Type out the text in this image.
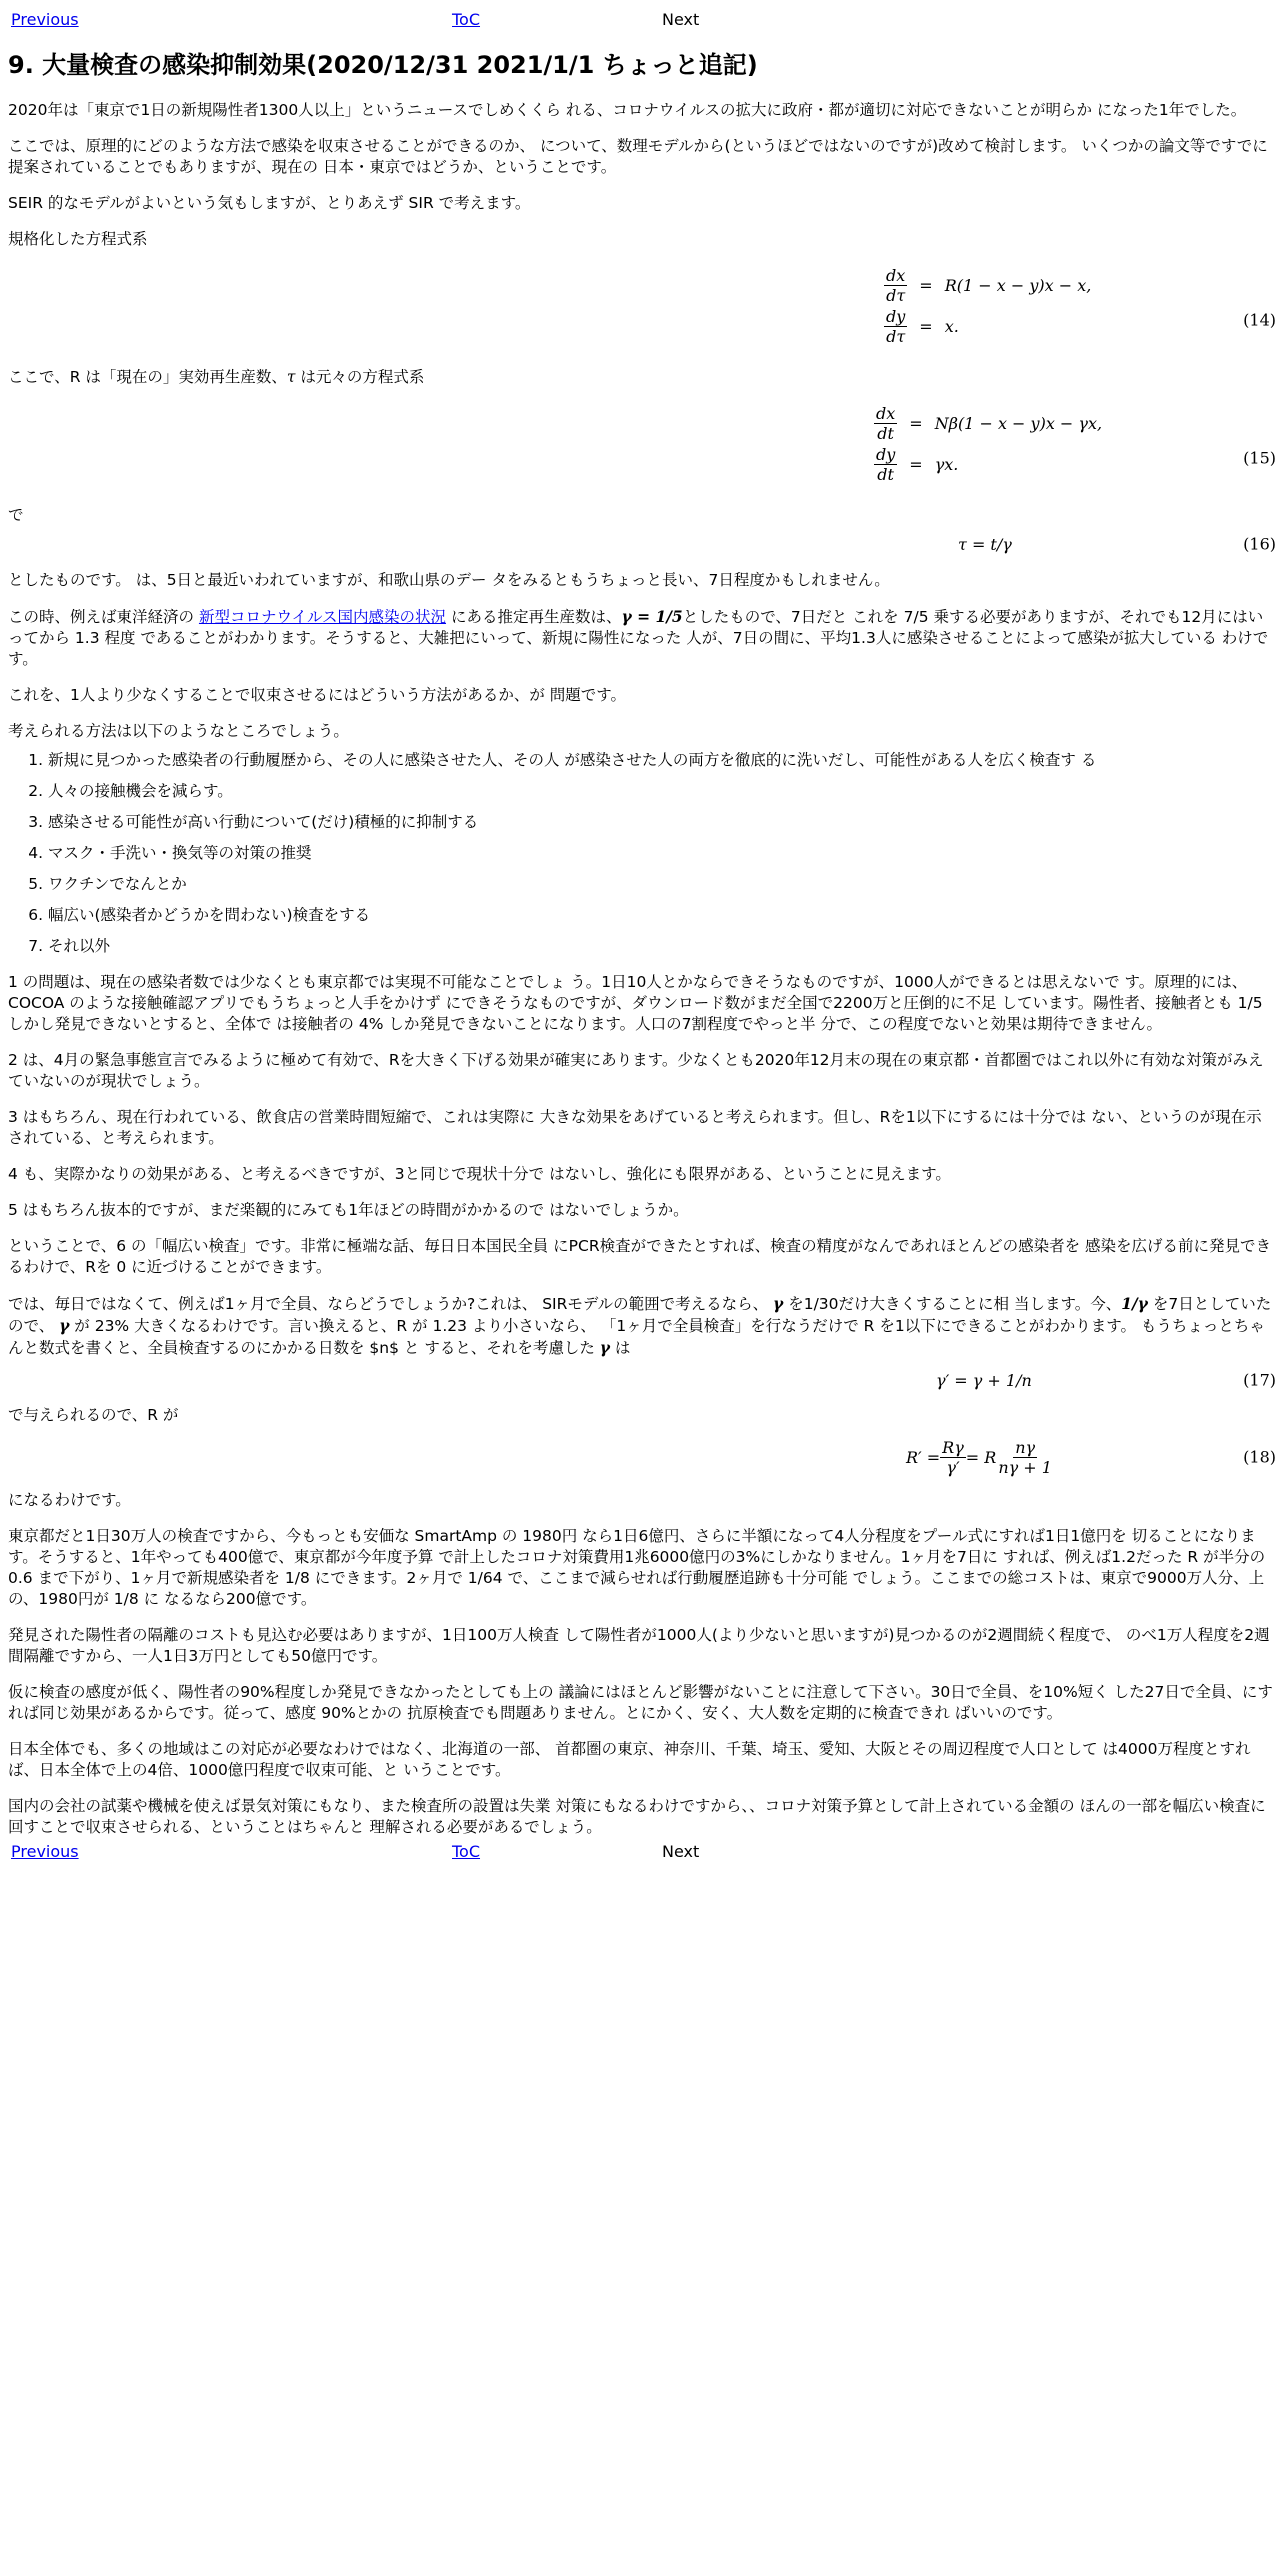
Previous	ToC	Next
9. 大量検査の感染抑制効果(2020/12/31 2021/1/1 ちょっと追記)

2020年は「東京で1日の新規陽性者1300人以上」というニュースでしめくくら れる、コロナウイルスの拡大に政府・都が適切に対応できないことが明らか になった1年でした。

ここでは、原理的にどのような方法で感染を収束させることができるのか、 について、数理モデルから(というほどではないのですが)改めて検討します。 いくつかの論文等ですでに提案されていることでもありますが、現在の 日本・東京ではどうか、ということです。

SEIR 的なモデルがよいという気もしますが、とりあえず SIR で考えます。

規格化した方程式系

$\frac{dx}{d\tau}$	=	R(1 − x − y)x − x,

$\frac{dy}{d\tau}$	=	x.	(14)

ここで、R は「現在の」実効再生産数、τ は元々の方程式系

$\frac{dx}{dt}$	=	Nβ(1 − x − y)x − γx,

$\frac{dy}{dt}$	=	γx.	(15)

で

τ = t/γ	(16)

としたものです。 は、5日と最近いわれていますが、和歌山県のデー タをみるともうちょっと長い、7日程度かもしれません。

この時、例えば東洋経済の 新型コロナウイルス国内感染の状況 にある推定再生産数は、γ = 1/5としたもので、7日だと これを 7/5 乗する必要がありますが、それでも12月にはいってから 1.3 程度 であることがわかります。そうすると、大雑把にいって、新規に陽性になった 人が、7日の間に、平均1.3人に感染させることによって感染が拡大している わけです。

これを、1人より少なくすることで収束させるにはどういう方法があるか、が 問題です。

考えられる方法は以下のようなところでしょう。

1. 新規に見つかった感染者の行動履歴から、その人に感染させた人、その人 が感染させた人の両方を徹底的に洗いだし、可能性がある人を広く検査す る
2. 人々の接触機会を減らす。
3. 感染させる可能性が高い行動について(だけ)積極的に抑制する
4. マスク・手洗い・換気等の対策の推奨
5. ワクチンでなんとか
6. 幅広い(感染者かどうかを問わない)検査をする
7. それ以外

1 の問題は、現在の感染者数では少なくとも東京都では実現不可能なことでしょ う。1日10人とかならできそうなものですが、1000人ができるとは思えないで す。原理的には、COCOA のような接触確認アプリでもうちょっと人手をかけず にできそうなものですが、ダウンロード数がまだ全国で2200万と圧倒的に不足 しています。陽性者、接触者とも 1/5 しかし発見できないとすると、全体で は接触者の 4% しか発見できないことになります。人口の7割程度でやっと半 分で、この程度でないと効果は期待できません。

2 は、4月の緊急事態宣言でみるように極めて有効で、Rを大きく下げる効果が確実にあります。少なくとも2020年12月末の現在の東京都・首都圏ではこれ以外に有効な対策がみえていないのが現状でしょう。

3 はもちろん、現在行われている、飲食店の営業時間短縮で、これは実際に 大きな効果をあげていると考えられます。但し、Rを1以下にするには十分では ない、というのが現在示されている、と考えられます。

4 も、実際かなりの効果がある、と考えるべきですが、3と同じで現状十分で はないし、強化にも限界がある、ということに見えます。

5 はもちろん抜本的ですが、まだ楽観的にみても1年ほどの時間がかかるので はないでしょうか。

ということで、6 の「幅広い検査」です。非常に極端な話、毎日日本国民全員 にPCR検査ができたとすれば、検査の精度がなんであれほとんどの感染者を 感染を広げる前に発見できるわけで、Rを 0 に近づけることができます。

では、毎日ではなくて、例えば1ヶ月で全員、ならどうでしょうか?これは、 SIRモデルの範囲で考えるなら、 γ を1/30だけ大きくすることに相 当します。今、1/γ を7日としていたので、 γ が 23% 大きくなるわけです。言い換えると、R が 1.23 より小さいなら、 「1ヶ月で全員検査」を行なうだけで R を1以下にできることがわかります。 もうちょっとちゃんと数式を書くと、全員検査するのにかかる日数を $n$ と すると、それを考慮した γ は

γ′ = γ + 1/n	(17)

で与えられるので、R が

$R' = \frac{R\gamma}{\gamma'} = R \frac{n\gamma}{n\gamma + 1}$	(18)

になるわけです。

東京都だと1日30万人の検査ですから、今もっとも安価な SmartAmp の 1980円 なら1日6億円、さらに半額になって4人分程度をプール式にすれば1日1億円を 切ることになります。そうすると、1年やっても400億で、東京都が今年度予算 で計上したコロナ対策費用1兆6000億円の3%にしかなりません。1ヶ月を7日に すれば、例えば1.2だった R が半分の 0.6 まで下がり、1ヶ月で新規感染者を 1/8 にできます。2ヶ月で 1/64 で、ここまで減らせれば行動履歴追跡も十分可能 でしょう。ここまでの総コストは、東京で9000万人分、上の、1980円が 1/8 に なるなら200億です。

発見された陽性者の隔離のコストも見込む必要はありますが、1日100万人検査 して陽性者が1000人(より少ないと思いますが)見つかるのが2週間続く程度で、 のべ1万人程度を2週間隔離ですから、一人1日3万円としても50億円です。

仮に検査の感度が低く、陽性者の90%程度しか発見できなかったとしても上の 議論にはほとんど影響がないことに注意して下さい。30日で全員、を10%短く した27日で全員、にすれば同じ効果があるからです。従って、感度 90%とかの 抗原検査でも問題ありません。とにかく、安く、大人数を定期的に検査できれ ばいいのです。

日本全体でも、多くの地域はこの対応が必要なわけではなく、北海道の一部、 首都圏の東京、神奈川、千葉、埼玉、愛知、大阪とその周辺程度で人口として は4000万程度とすれば、日本全体で上の4倍、1000億円程度で収束可能、と いうことです。

国内の会社の試薬や機械を使えば景気対策にもなり、また検査所の設置は失業 対策にもなるわけですから、、コロナ対策予算として計上されている金額の ほんの一部を幅広い検査に回すことで収束させられる、ということはちゃんと 理解される必要があるでしょう。

Previous	ToC	Next
